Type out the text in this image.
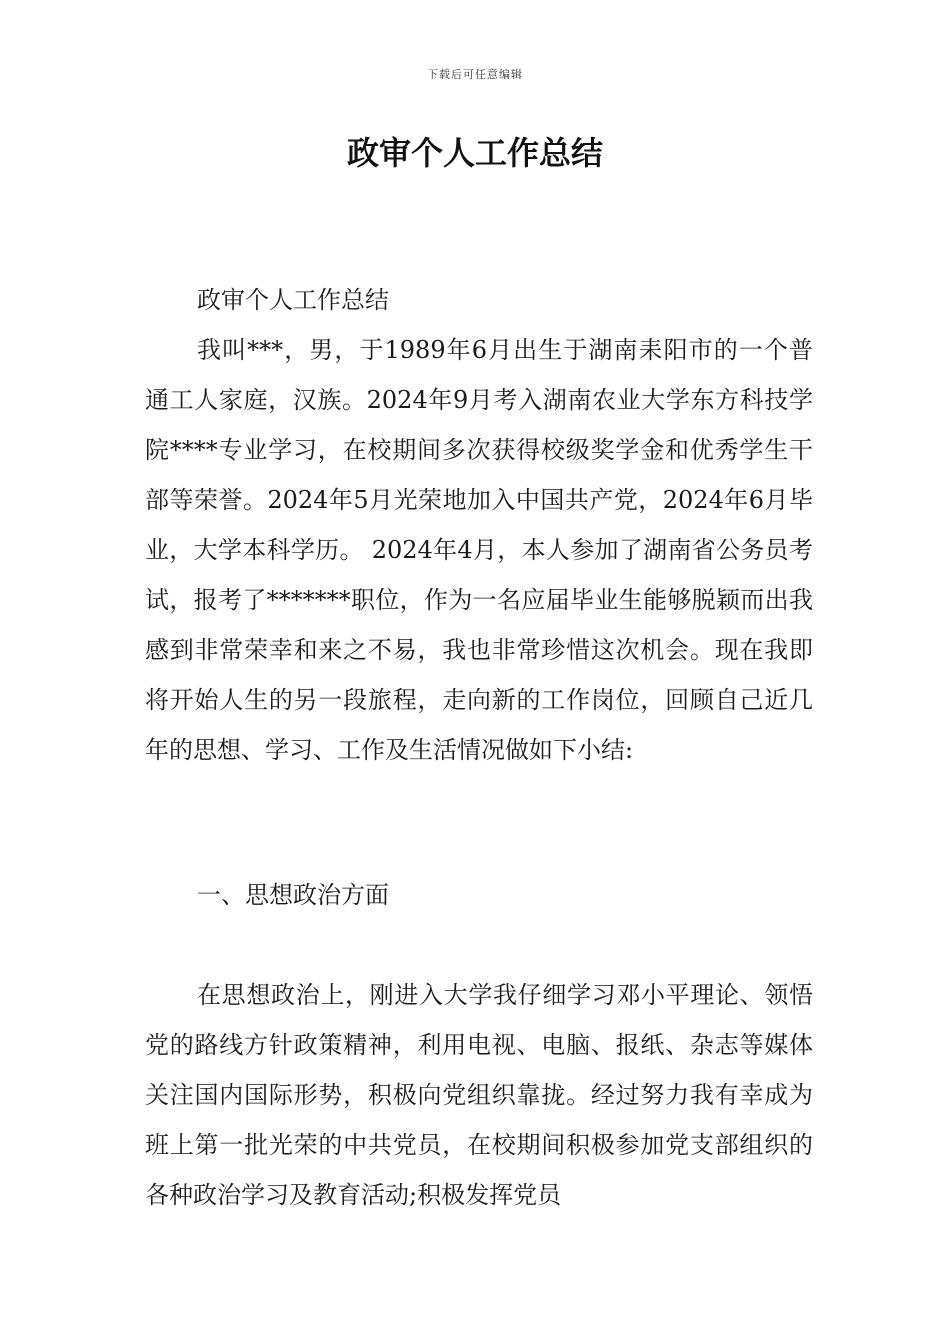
下载后可任意编辑
政审个人工作总结

政审个人工作总结

我叫***，男，于1989年6月出生于湖南耒阳市的一个普通工人家庭，汉族。2024年9月考入湖南农业大学东方科技学院****专业学习，在校期间多次获得校级奖学金和优秀学生干部等荣誉。2024年5月光荣地加入中国共产党，2024年6月毕业，大学本科学历。 2024年4月，本人参加了湖南省公务员考试，报考了*******职位，作为一名应届毕业生能够脱颖而出我感到非常荣幸和来之不易，我也非常珍惜这次机会。现在我即将开始人生的另一段旅程，走向新的工作岗位，回顾自己近几年的思想、学习、工作及生活情况做如下小结:

一、思想政治方面

在思想政治上，刚进入大学我仔细学习邓小平理论、领悟党的路线方针政策精神，利用电视、电脑、报纸、杂志等媒体关注国内国际形势，积极向党组织靠拢。经过努力我有幸成为班上第一批光荣的中共党员，在校期间积极参加党支部组织的各种政治学习及教育活动;积极发挥党员
